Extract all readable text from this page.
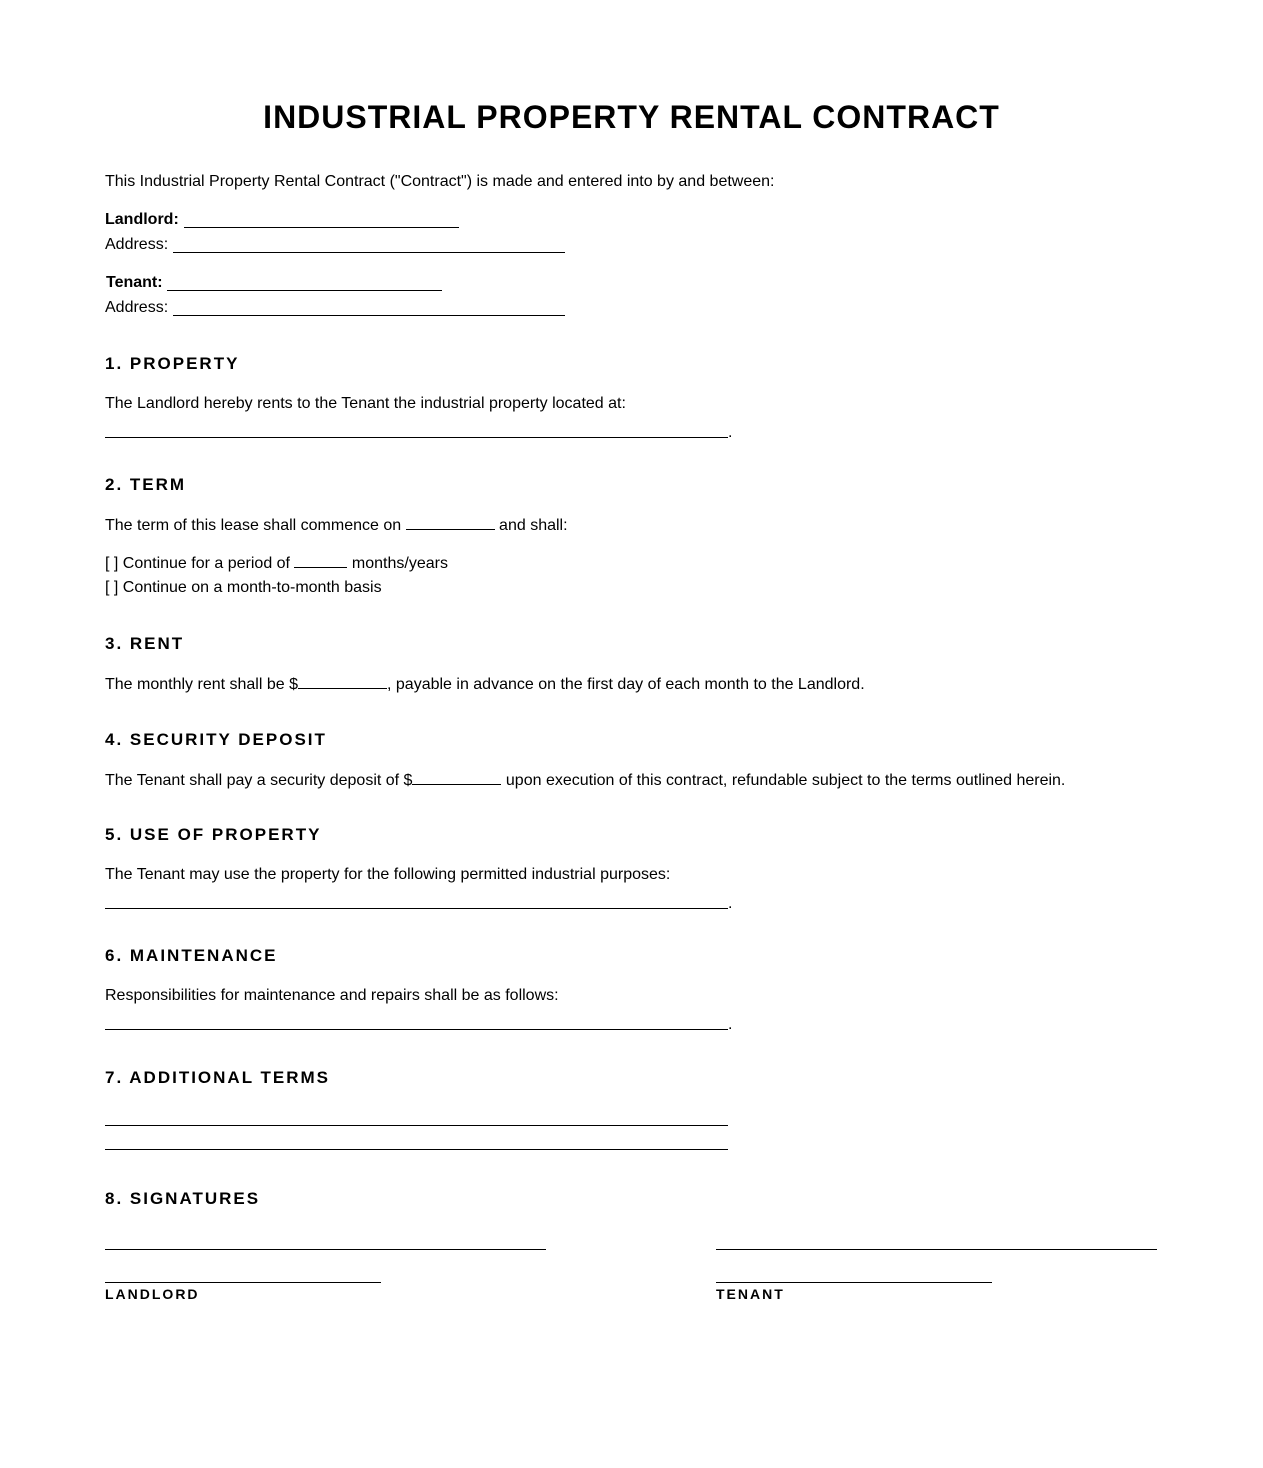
INDUSTRIAL PROPERTY RENTAL CONTRACT
This Industrial Property Rental Contract ("Contract") is made and entered into by and between:
Landlord:
Address:
Tenant:
Address:
1. PROPERTY
The Landlord hereby rents to the Tenant the industrial property located at:
.
2. TERM
The term of this lease shall commence on	and shall:
[ ] Continue for a period of	months/years
[ ] Continue on a month-to-month basis
3. RENT
The monthly rent shall be $	, payable in advance on the first day of each month to the Landlord.
4. SECURITY DEPOSIT
The Tenant shall pay a security deposit of $	upon execution of this contract, refundable subject to the terms outlined herein.
5. USE OF PROPERTY
The Tenant may use the property for the following permitted industrial purposes:
.
6. MAINTENANCE
Responsibilities for maintenance and repairs shall be as follows:
.
7. ADDITIONAL TERMS
8. SIGNATURES
LANDLORD	TENANT
